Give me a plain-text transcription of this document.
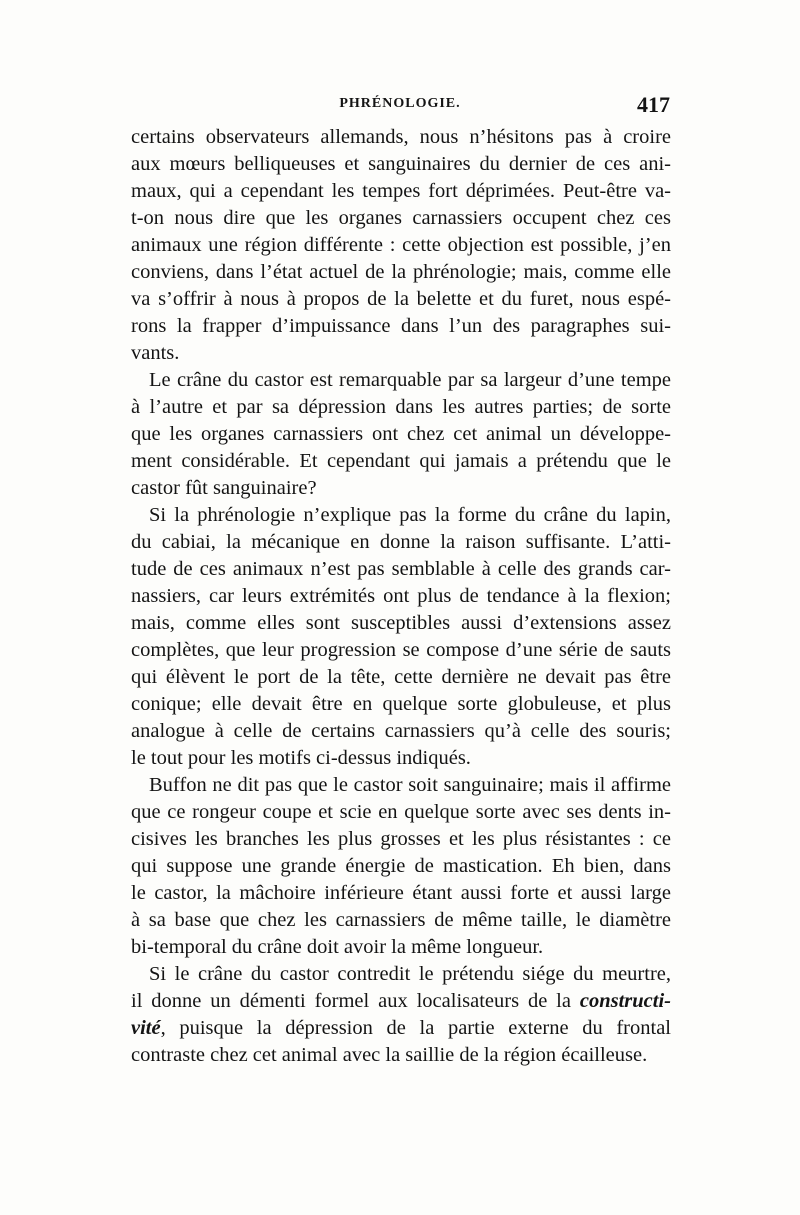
PHRÉNOLOGIE.	417
certains observateurs allemands, nous n’hésitons pas à croire
aux mœurs belliqueuses et sanguinaires du dernier de ces ani-
maux, qui a cependant les tempes fort déprimées. Peut-être va-
t-on nous dire que les organes carnassiers occupent chez ces
animaux une région différente : cette objection est possible, j’en
conviens, dans l’état actuel de la phrénologie; mais, comme elle
va s’offrir à nous à propos de la belette et du furet, nous espé-
rons la frapper d’impuissance dans l’un des paragraphes sui-
vants.
Le crâne du castor est remarquable par sa largeur d’une tempe
à l’autre et par sa dépression dans les autres parties; de sorte
que les organes carnassiers ont chez cet animal un développe-
ment considérable. Et cependant qui jamais a prétendu que le
castor fût sanguinaire?
Si la phrénologie n’explique pas la forme du crâne du lapin,
du cabiai, la mécanique en donne la raison suffisante. L’atti-
tude de ces animaux n’est pas semblable à celle des grands car-
nassiers, car leurs extrémités ont plus de tendance à la flexion;
mais, comme elles sont susceptibles aussi d’extensions assez
complètes, que leur progression se compose d’une série de sauts
qui élèvent le port de la tête, cette dernière ne devait pas être
conique; elle devait être en quelque sorte globuleuse, et plus
analogue à celle de certains carnassiers qu’à celle des souris;
le tout pour les motifs ci-dessus indiqués.
Buffon ne dit pas que le castor soit sanguinaire; mais il affirme
que ce rongeur coupe et scie en quelque sorte avec ses dents in-
cisives les branches les plus grosses et les plus résistantes : ce
qui suppose une grande énergie de mastication. Eh bien, dans
le castor, la mâchoire inférieure étant aussi forte et aussi large
à sa base que chez les carnassiers de même taille, le diamètre
bi-temporal du crâne doit avoir la même longueur.
Si le crâne du castor contredit le prétendu siége du meurtre,
il donne un démenti formel aux localisateurs de la constructi-
vité, puisque la dépression de la partie externe du frontal
contraste chez cet animal avec la saillie de la région écailleuse.
